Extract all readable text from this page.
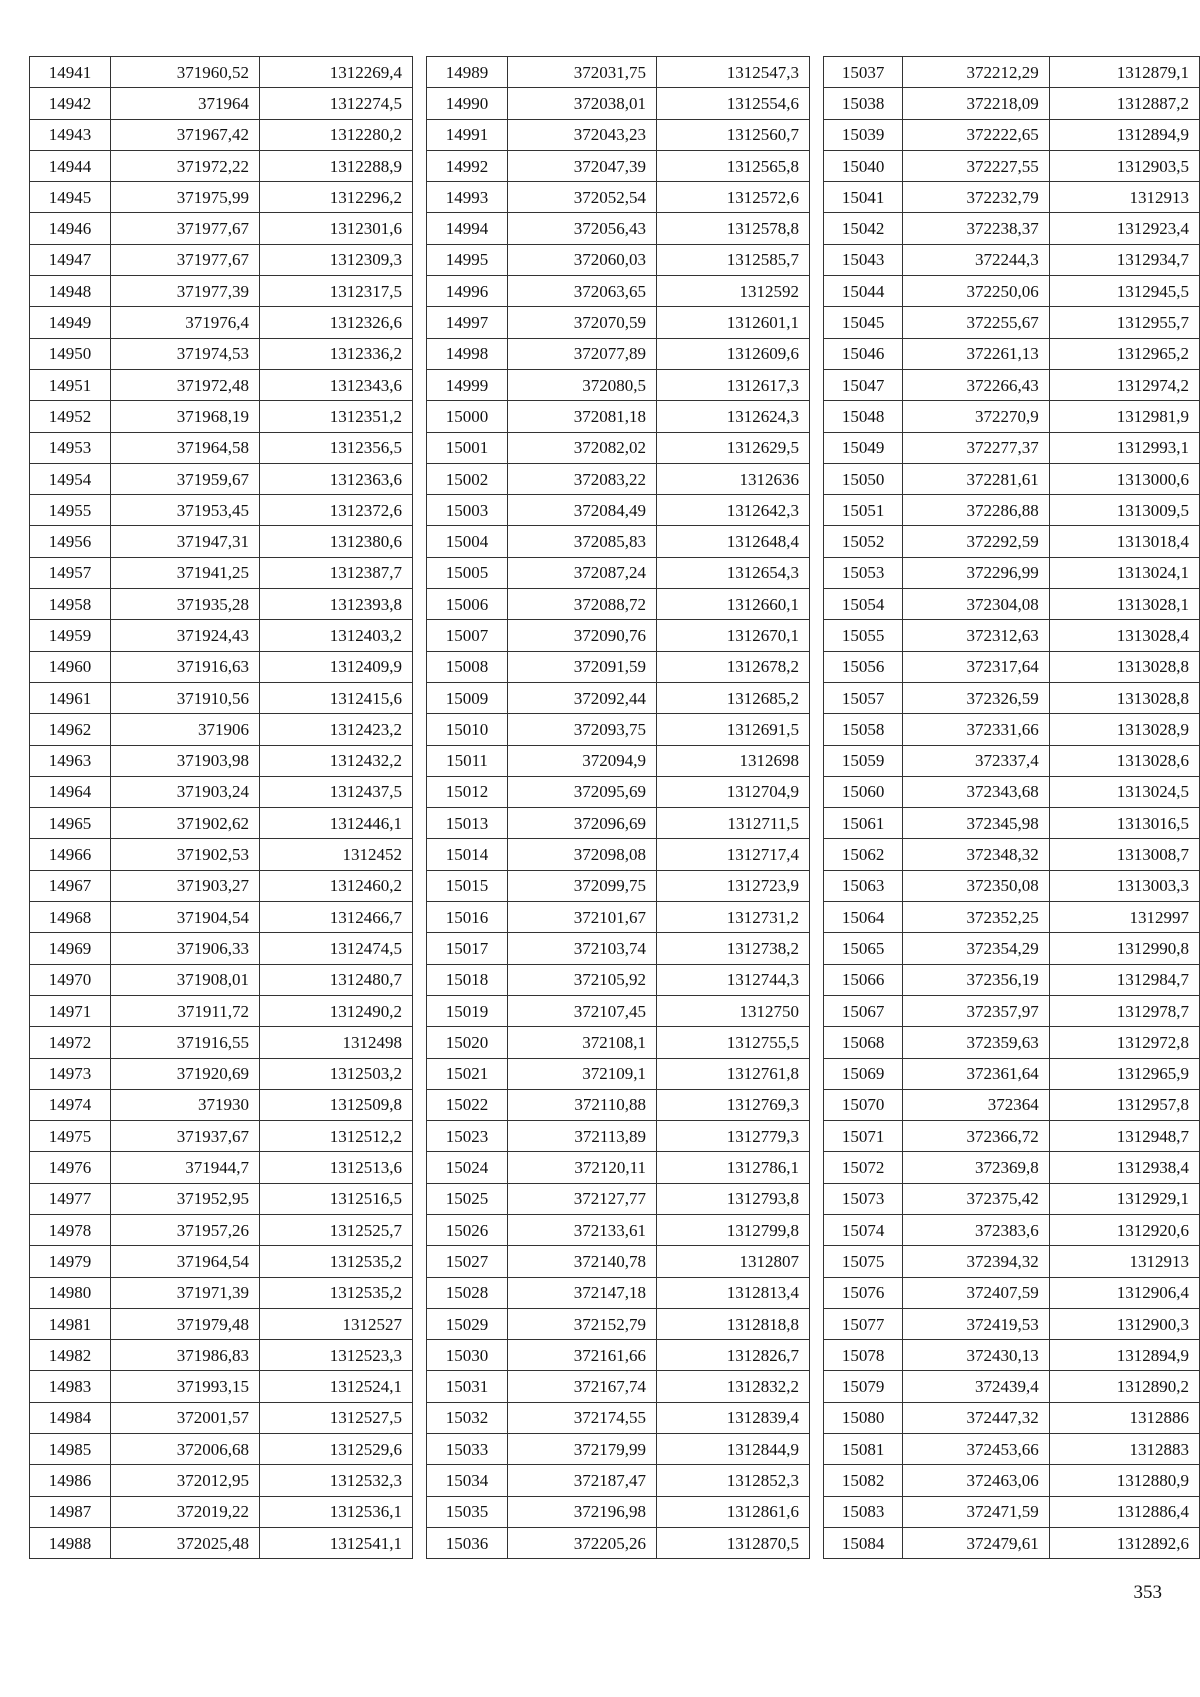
14941	371960,52	1312269,4
14942	371964	1312274,5
14943	371967,42	1312280,2
14944	371972,22	1312288,9
14945	371975,99	1312296,2
14946	371977,67	1312301,6
14947	371977,67	1312309,3
14948	371977,39	1312317,5
14949	371976,4	1312326,6
14950	371974,53	1312336,2
14951	371972,48	1312343,6
14952	371968,19	1312351,2
14953	371964,58	1312356,5
14954	371959,67	1312363,6
14955	371953,45	1312372,6
14956	371947,31	1312380,6
14957	371941,25	1312387,7
14958	371935,28	1312393,8
14959	371924,43	1312403,2
14960	371916,63	1312409,9
14961	371910,56	1312415,6
14962	371906	1312423,2
14963	371903,98	1312432,2
14964	371903,24	1312437,5
14965	371902,62	1312446,1
14966	371902,53	1312452
14967	371903,27	1312460,2
14968	371904,54	1312466,7
14969	371906,33	1312474,5
14970	371908,01	1312480,7
14971	371911,72	1312490,2
14972	371916,55	1312498
14973	371920,69	1312503,2
14974	371930	1312509,8
14975	371937,67	1312512,2
14976	371944,7	1312513,6
14977	371952,95	1312516,5
14978	371957,26	1312525,7
14979	371964,54	1312535,2
14980	371971,39	1312535,2
14981	371979,48	1312527
14982	371986,83	1312523,3
14983	371993,15	1312524,1
14984	372001,57	1312527,5
14985	372006,68	1312529,6
14986	372012,95	1312532,3
14987	372019,22	1312536,1
14988	372025,48	1312541,1
14989	372031,75	1312547,3
14990	372038,01	1312554,6
14991	372043,23	1312560,7
14992	372047,39	1312565,8
14993	372052,54	1312572,6
14994	372056,43	1312578,8
14995	372060,03	1312585,7
14996	372063,65	1312592
14997	372070,59	1312601,1
14998	372077,89	1312609,6
14999	372080,5	1312617,3
15000	372081,18	1312624,3
15001	372082,02	1312629,5
15002	372083,22	1312636
15003	372084,49	1312642,3
15004	372085,83	1312648,4
15005	372087,24	1312654,3
15006	372088,72	1312660,1
15007	372090,76	1312670,1
15008	372091,59	1312678,2
15009	372092,44	1312685,2
15010	372093,75	1312691,5
15011	372094,9	1312698
15012	372095,69	1312704,9
15013	372096,69	1312711,5
15014	372098,08	1312717,4
15015	372099,75	1312723,9
15016	372101,67	1312731,2
15017	372103,74	1312738,2
15018	372105,92	1312744,3
15019	372107,45	1312750
15020	372108,1	1312755,5
15021	372109,1	1312761,8
15022	372110,88	1312769,3
15023	372113,89	1312779,3
15024	372120,11	1312786,1
15025	372127,77	1312793,8
15026	372133,61	1312799,8
15027	372140,78	1312807
15028	372147,18	1312813,4
15029	372152,79	1312818,8
15030	372161,66	1312826,7
15031	372167,74	1312832,2
15032	372174,55	1312839,4
15033	372179,99	1312844,9
15034	372187,47	1312852,3
15035	372196,98	1312861,6
15036	372205,26	1312870,5
15037	372212,29	1312879,1
15038	372218,09	1312887,2
15039	372222,65	1312894,9
15040	372227,55	1312903,5
15041	372232,79	1312913
15042	372238,37	1312923,4
15043	372244,3	1312934,7
15044	372250,06	1312945,5
15045	372255,67	1312955,7
15046	372261,13	1312965,2
15047	372266,43	1312974,2
15048	372270,9	1312981,9
15049	372277,37	1312993,1
15050	372281,61	1313000,6
15051	372286,88	1313009,5
15052	372292,59	1313018,4
15053	372296,99	1313024,1
15054	372304,08	1313028,1
15055	372312,63	1313028,4
15056	372317,64	1313028,8
15057	372326,59	1313028,8
15058	372331,66	1313028,9
15059	372337,4	1313028,6
15060	372343,68	1313024,5
15061	372345,98	1313016,5
15062	372348,32	1313008,7
15063	372350,08	1313003,3
15064	372352,25	1312997
15065	372354,29	1312990,8
15066	372356,19	1312984,7
15067	372357,97	1312978,7
15068	372359,63	1312972,8
15069	372361,64	1312965,9
15070	372364	1312957,8
15071	372366,72	1312948,7
15072	372369,8	1312938,4
15073	372375,42	1312929,1
15074	372383,6	1312920,6
15075	372394,32	1312913
15076	372407,59	1312906,4
15077	372419,53	1312900,3
15078	372430,13	1312894,9
15079	372439,4	1312890,2
15080	372447,32	1312886
15081	372453,66	1312883
15082	372463,06	1312880,9
15083	372471,59	1312886,4
15084	372479,61	1312892,6
353
